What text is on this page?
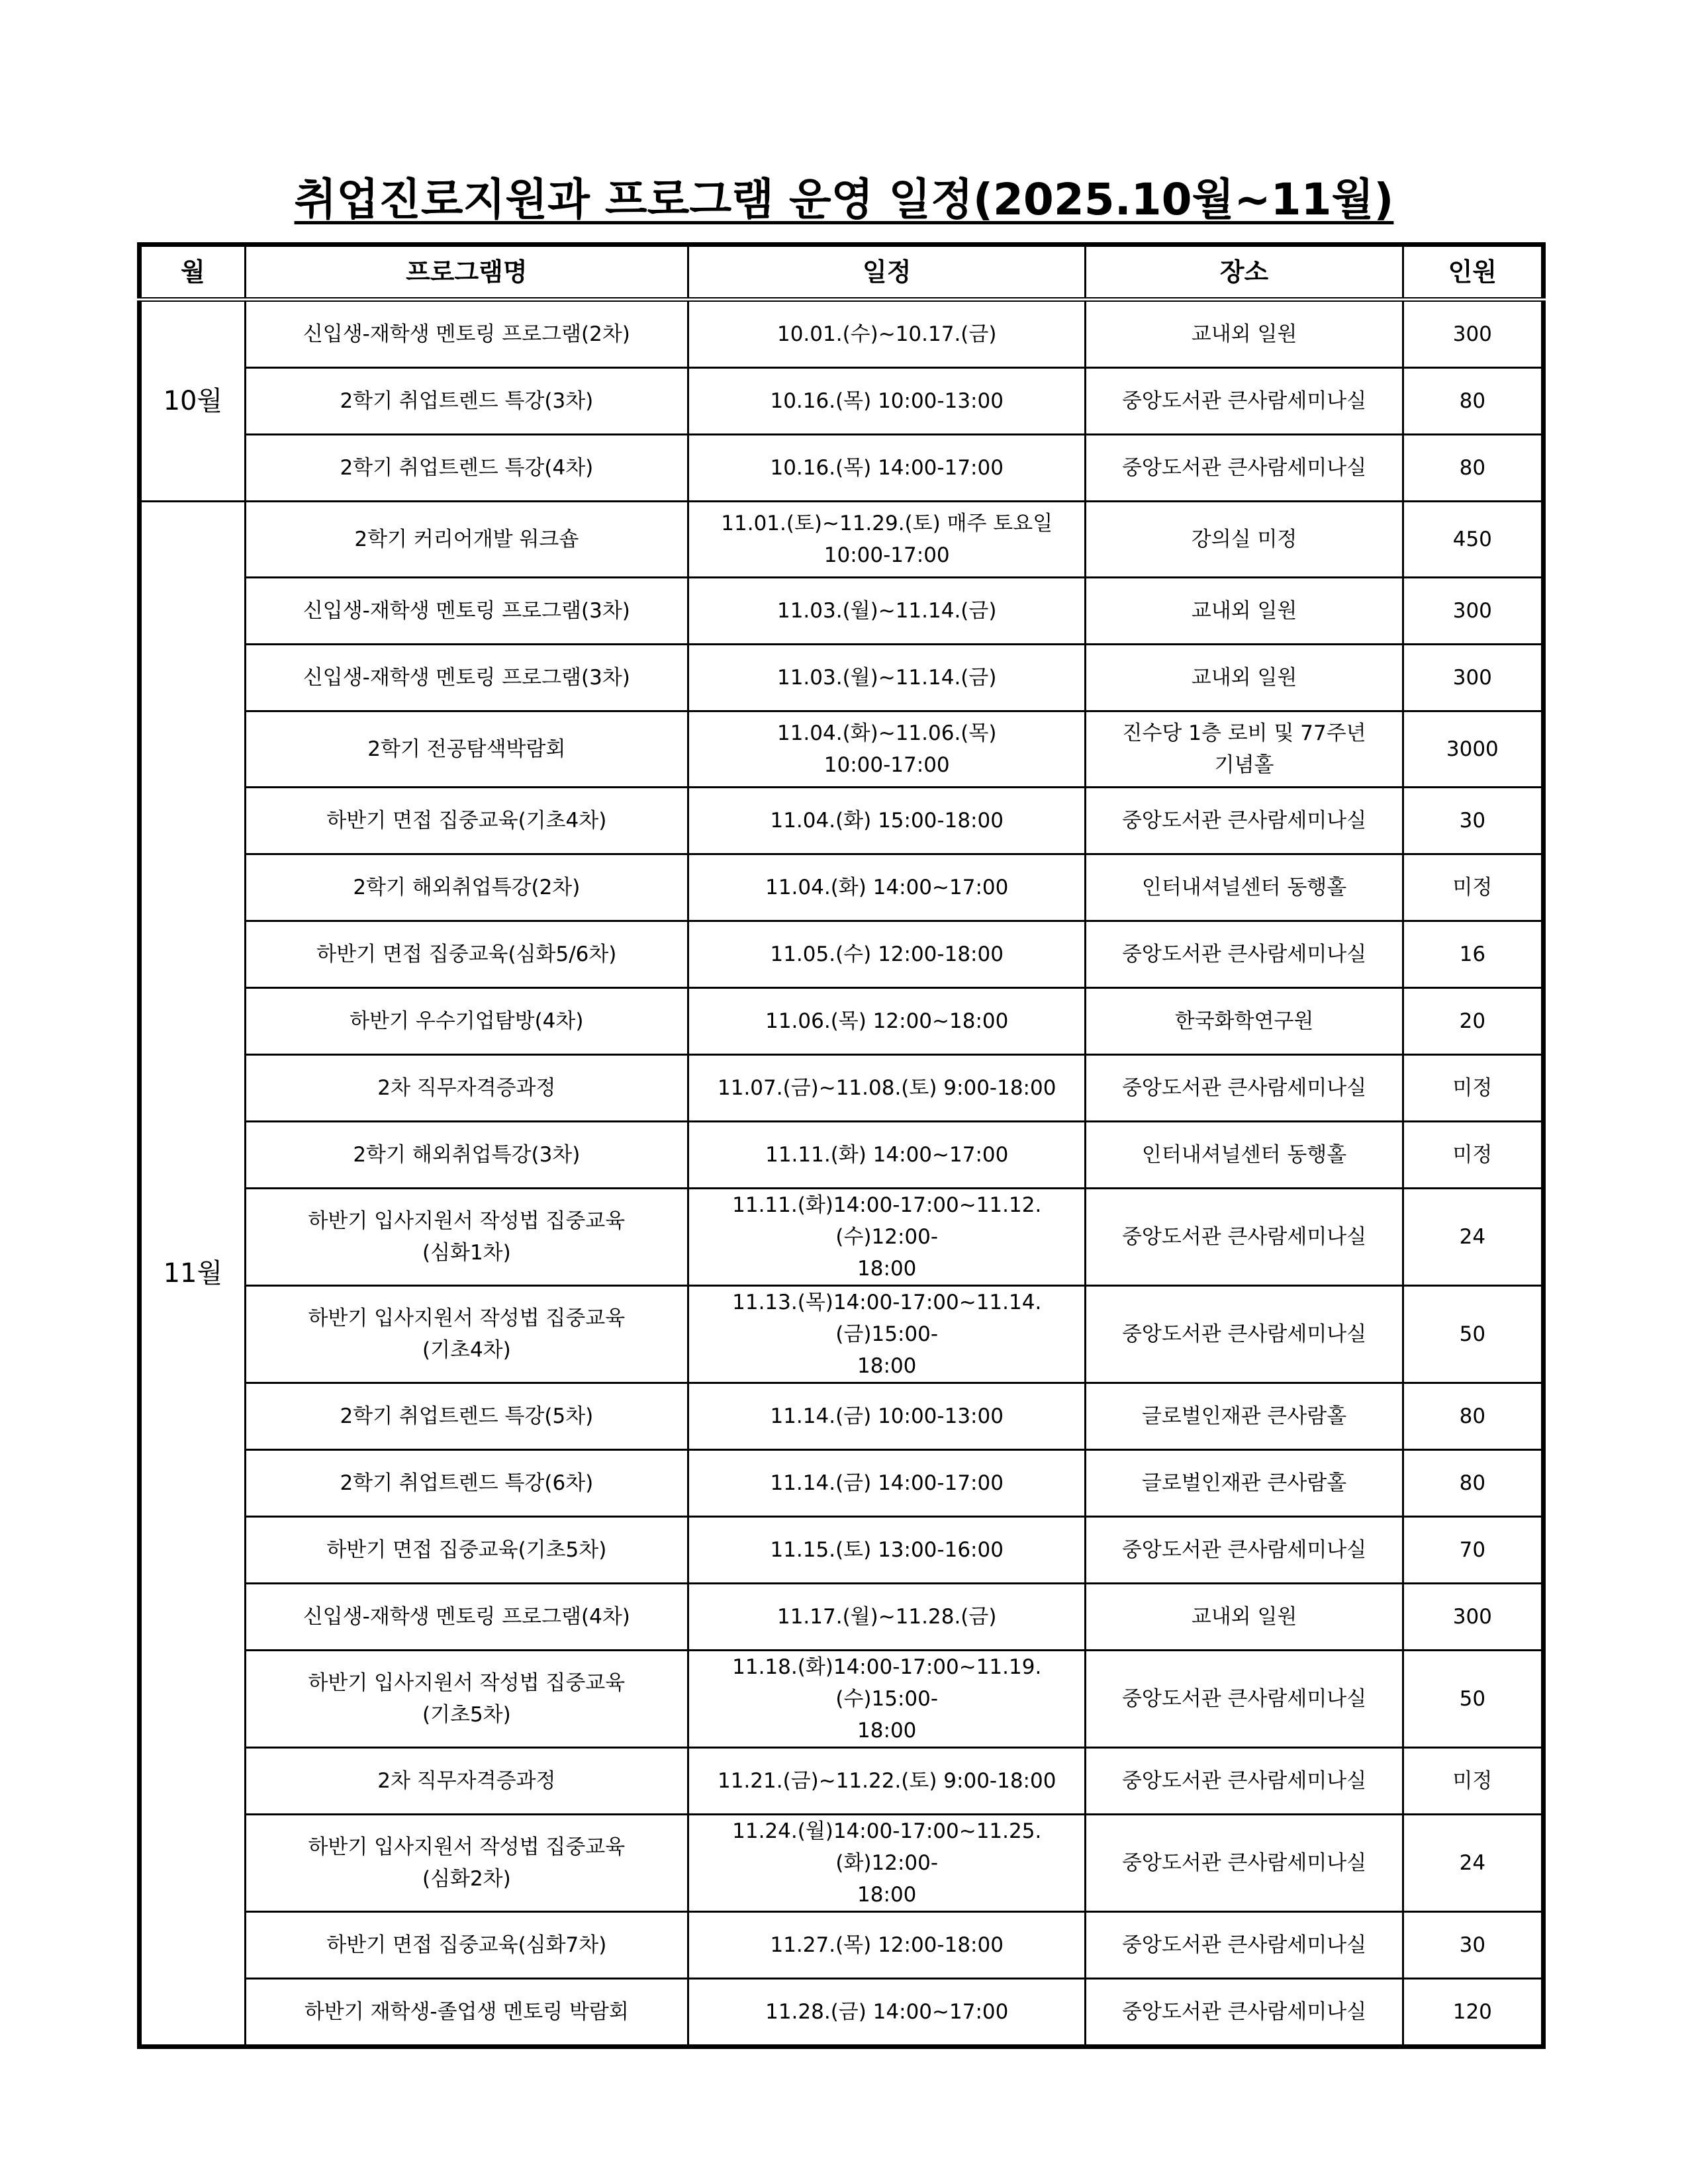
취업진로지원과 프로그램 운영 일정(2025.10월~11월)
월	프로그램명	일정	장소	인원
10월	신입생-재학생 멘토링 프로그램(2차)	10.01.(수)~10.17.(금)	교내외 일원	300
	2학기 취업트렌드 특강(3차)	10.16.(목) 10:00-13:00	중앙도서관 큰사람세미나실	80
	2학기 취업트렌드 특강(4차)	10.16.(목) 14:00-17:00	중앙도서관 큰사람세미나실	80
11월	2학기 커리어개발 워크숍	11.01.(토)~11.29.(토) 매주 토요일
10:00-17:00	강의실 미정	450
	신입생-재학생 멘토링 프로그램(3차)	11.03.(월)~11.14.(금)	교내외 일원	300
	신입생-재학생 멘토링 프로그램(3차)	11.03.(월)~11.14.(금)	교내외 일원	300
	2학기 전공탐색박람회	11.04.(화)~11.06.(목)
10:00-17:00	진수당 1층 로비 및 77주년
기념홀	3000
	하반기 면접 집중교육(기초4차)	11.04.(화) 15:00-18:00	중앙도서관 큰사람세미나실	30
	2학기 해외취업특강(2차)	11.04.(화) 14:00~17:00	인터내셔널센터 동행홀	미정
	하반기 면접 집중교육(심화5/6차)	11.05.(수) 12:00-18:00	중앙도서관 큰사람세미나실	16
	하반기 우수기업탐방(4차)	11.06.(목) 12:00~18:00	한국화학연구원	20
	2차 직무자격증과정	11.07.(금)~11.08.(토) 9:00-18:00	중앙도서관 큰사람세미나실	미정
	2학기 해외취업특강(3차)	11.11.(화) 14:00~17:00	인터내셔널센터 동행홀	미정
	하반기 입사지원서 작성법 집중교육
(심화1차)	11.11.(화)14:00-17:00~11.12.(수)12:00-
18:00	중앙도서관 큰사람세미나실	24
	하반기 입사지원서 작성법 집중교육
(기초4차)	11.13.(목)14:00-17:00~11.14.(금)15:00-
18:00	중앙도서관 큰사람세미나실	50
	2학기 취업트렌드 특강(5차)	11.14.(금) 10:00-13:00	글로벌인재관 큰사람홀	80
	2학기 취업트렌드 특강(6차)	11.14.(금) 14:00-17:00	글로벌인재관 큰사람홀	80
	하반기 면접 집중교육(기초5차)	11.15.(토) 13:00-16:00	중앙도서관 큰사람세미나실	70
	신입생-재학생 멘토링 프로그램(4차)	11.17.(월)~11.28.(금)	교내외 일원	300
	하반기 입사지원서 작성법 집중교육
(기초5차)	11.18.(화)14:00-17:00~11.19.(수)15:00-
18:00	중앙도서관 큰사람세미나실	50
	2차 직무자격증과정	11.21.(금)~11.22.(토) 9:00-18:00	중앙도서관 큰사람세미나실	미정
	하반기 입사지원서 작성법 집중교육
(심화2차)	11.24.(월)14:00-17:00~11.25.(화)12:00-
18:00	중앙도서관 큰사람세미나실	24
	하반기 면접 집중교육(심화7차)	11.27.(목) 12:00-18:00	중앙도서관 큰사람세미나실	30
	하반기 재학생-졸업생 멘토링 박람회	11.28.(금) 14:00~17:00	중앙도서관 큰사람세미나실	120
